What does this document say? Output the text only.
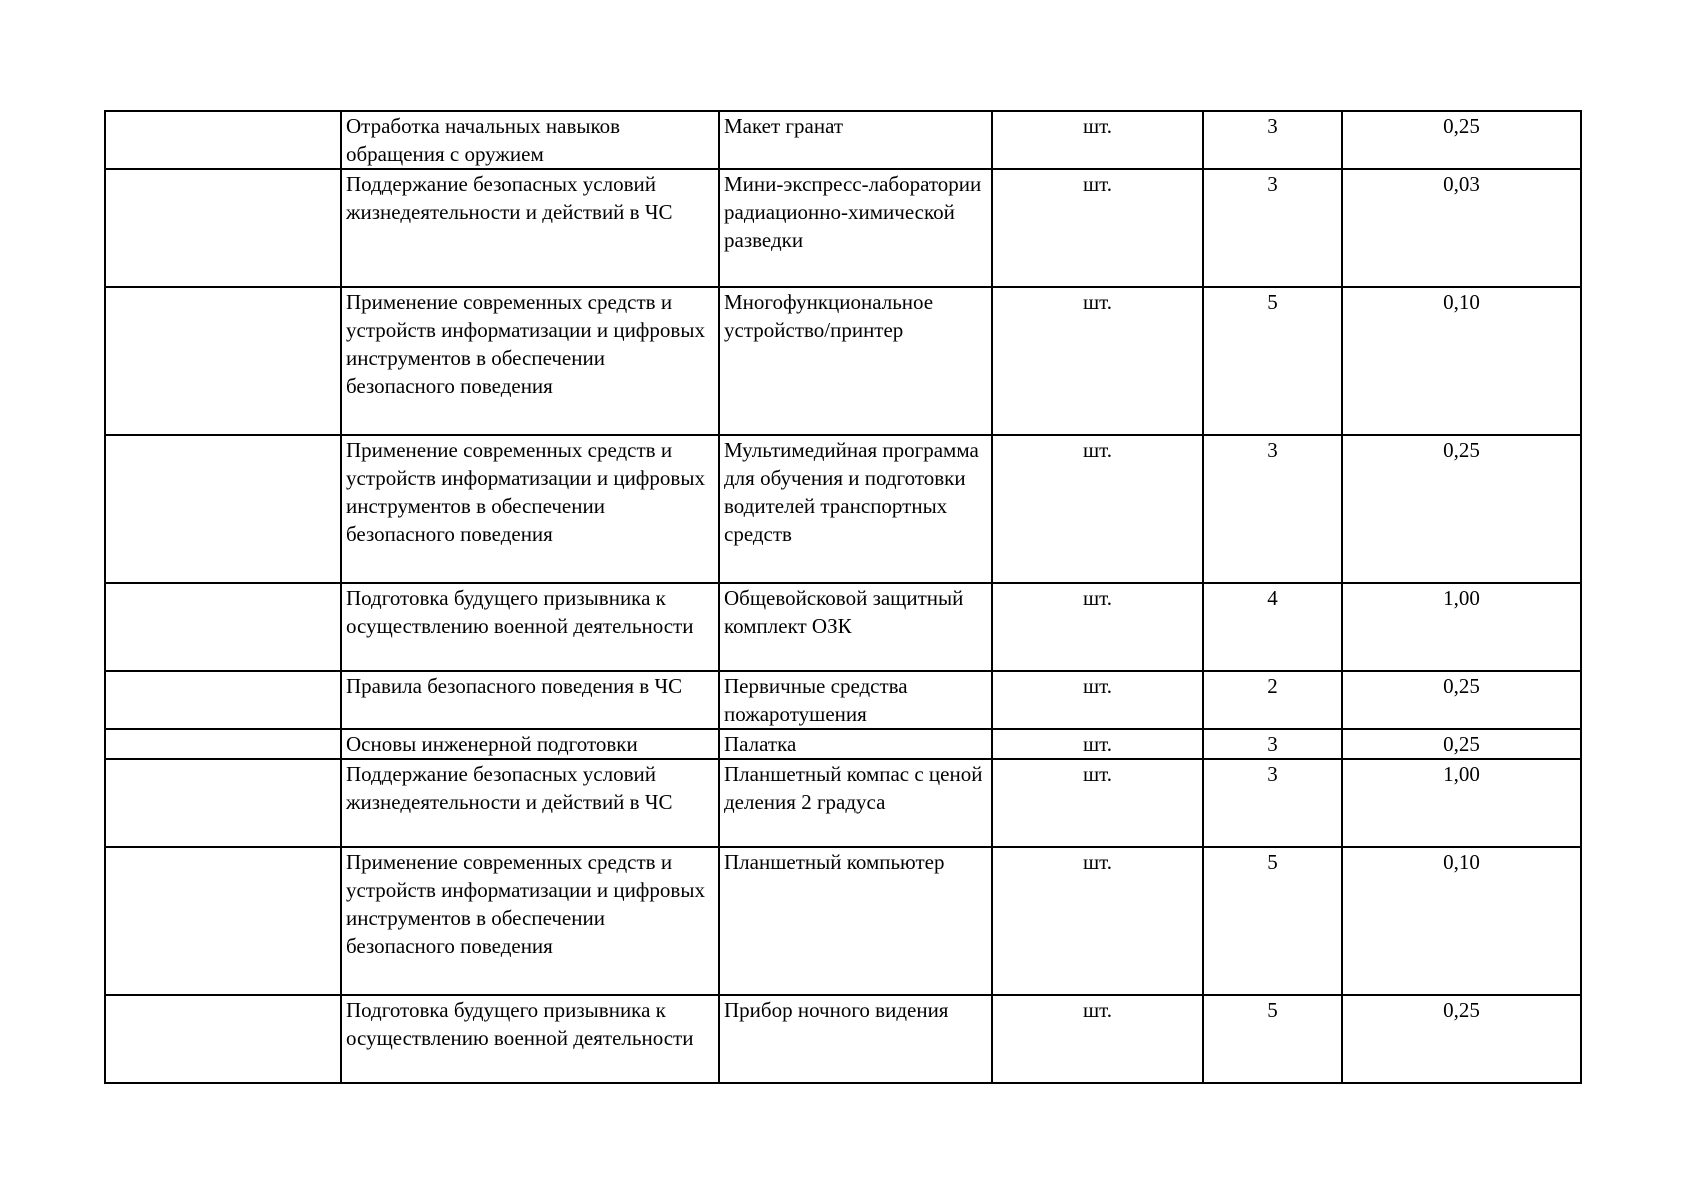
	Отработка начальных навыков обращения с оружием	Макет гранат	шт.	3	0,25
	Поддержание безопасных условий жизнедеятельности и действий в ЧС	Мини-экспресс-лаборатории радиационно-химической разведки	шт.	3	0,03
	Применение современных средств и устройств информатизации и цифровых инструментов в обеспечении безопасного поведения	Многофункциональное устройство/принтер	шт.	5	0,10
	Применение современных средств и устройств информатизации и цифровых инструментов в обеспечении безопасного поведения	Мультимедийная программа для обучения и подготовки водителей транспортных средств	шт.	3	0,25
	Подготовка будущего призывника к осуществлению военной деятельности	Общевойсковой защитный комплект ОЗК	шт.	4	1,00
	Правила безопасного поведения в ЧС	Первичные средства пожаротушения	шт.	2	0,25
	Основы инженерной подготовки	Палатка	шт.	3	0,25
	Поддержание безопасных условий жизнедеятельности и действий в ЧС	Планшетный компас с ценой деления 2 градуса	шт.	3	1,00
	Применение современных средств и устройств информатизации и цифровых инструментов в обеспечении безопасного поведения	Планшетный компьютер	шт.	5	0,10
	Подготовка будущего призывника к осуществлению военной деятельности	Прибор ночного видения	шт.	5	0,25
